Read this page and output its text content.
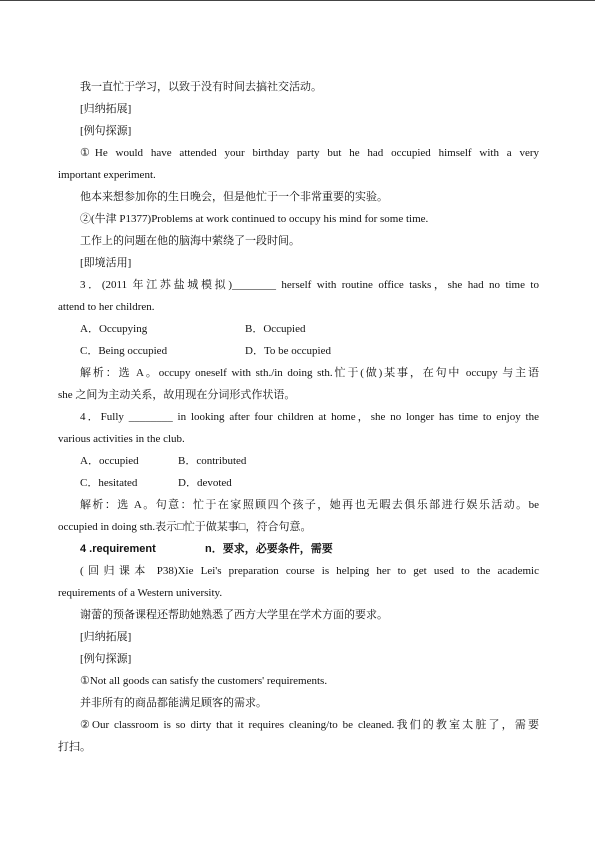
我一直忙于学习，以致于没有时间去搞社交活动。
[归纳拓展]
[例句探源]
①He would have attended your birthday party but he had occupied himself with a very
important experiment.
他本来想参加你的生日晚会，但是他忙于一个非常重要的实验。
②(牛津 P1377)Problems at work continued to occupy his mind for some time.
工作上的问题在他的脑海中萦绕了一段时间。
[即境活用]
3．(2011 年江苏盐城模拟)________ herself with routine office tasks，she had no time to
attend to her children.
A．Occupying	B．Occupied
C．Being occupied	D．To be occupied
解析：选 A。occupy oneself with sth./in doing sth.忙于(做)某事，在句中 occupy 与主语
she 之间为主动关系，故用现在分词形式作状语。
4．Fully ________ in looking after four children at home，she no longer has time to enjoy the
various activities in the club.
A．occupied	B．contributed
C．hesitated	D．devoted
解析：选 A。句意：忙于在家照顾四个孩子，她再也无暇去俱乐部进行娱乐活动。be
occupied in doing sth.表示□忙于做某事□，符合句意。
4 .requirement	n．要求，必要条件，需要
(回归课本 P38)Xie Lei's preparation course is helping her to get used to the academic
requirements of a Western university.
谢蕾的预备课程还帮助她熟悉了西方大学里在学术方面的要求。
[归纳拓展]
[例句探源]
①Not all goods can satisfy the customers' requirements.
并非所有的商品都能满足顾客的需求。
②Our classroom is so dirty that it requires cleaning/to be cleaned.我们的教室太脏了，需要
打扫。
